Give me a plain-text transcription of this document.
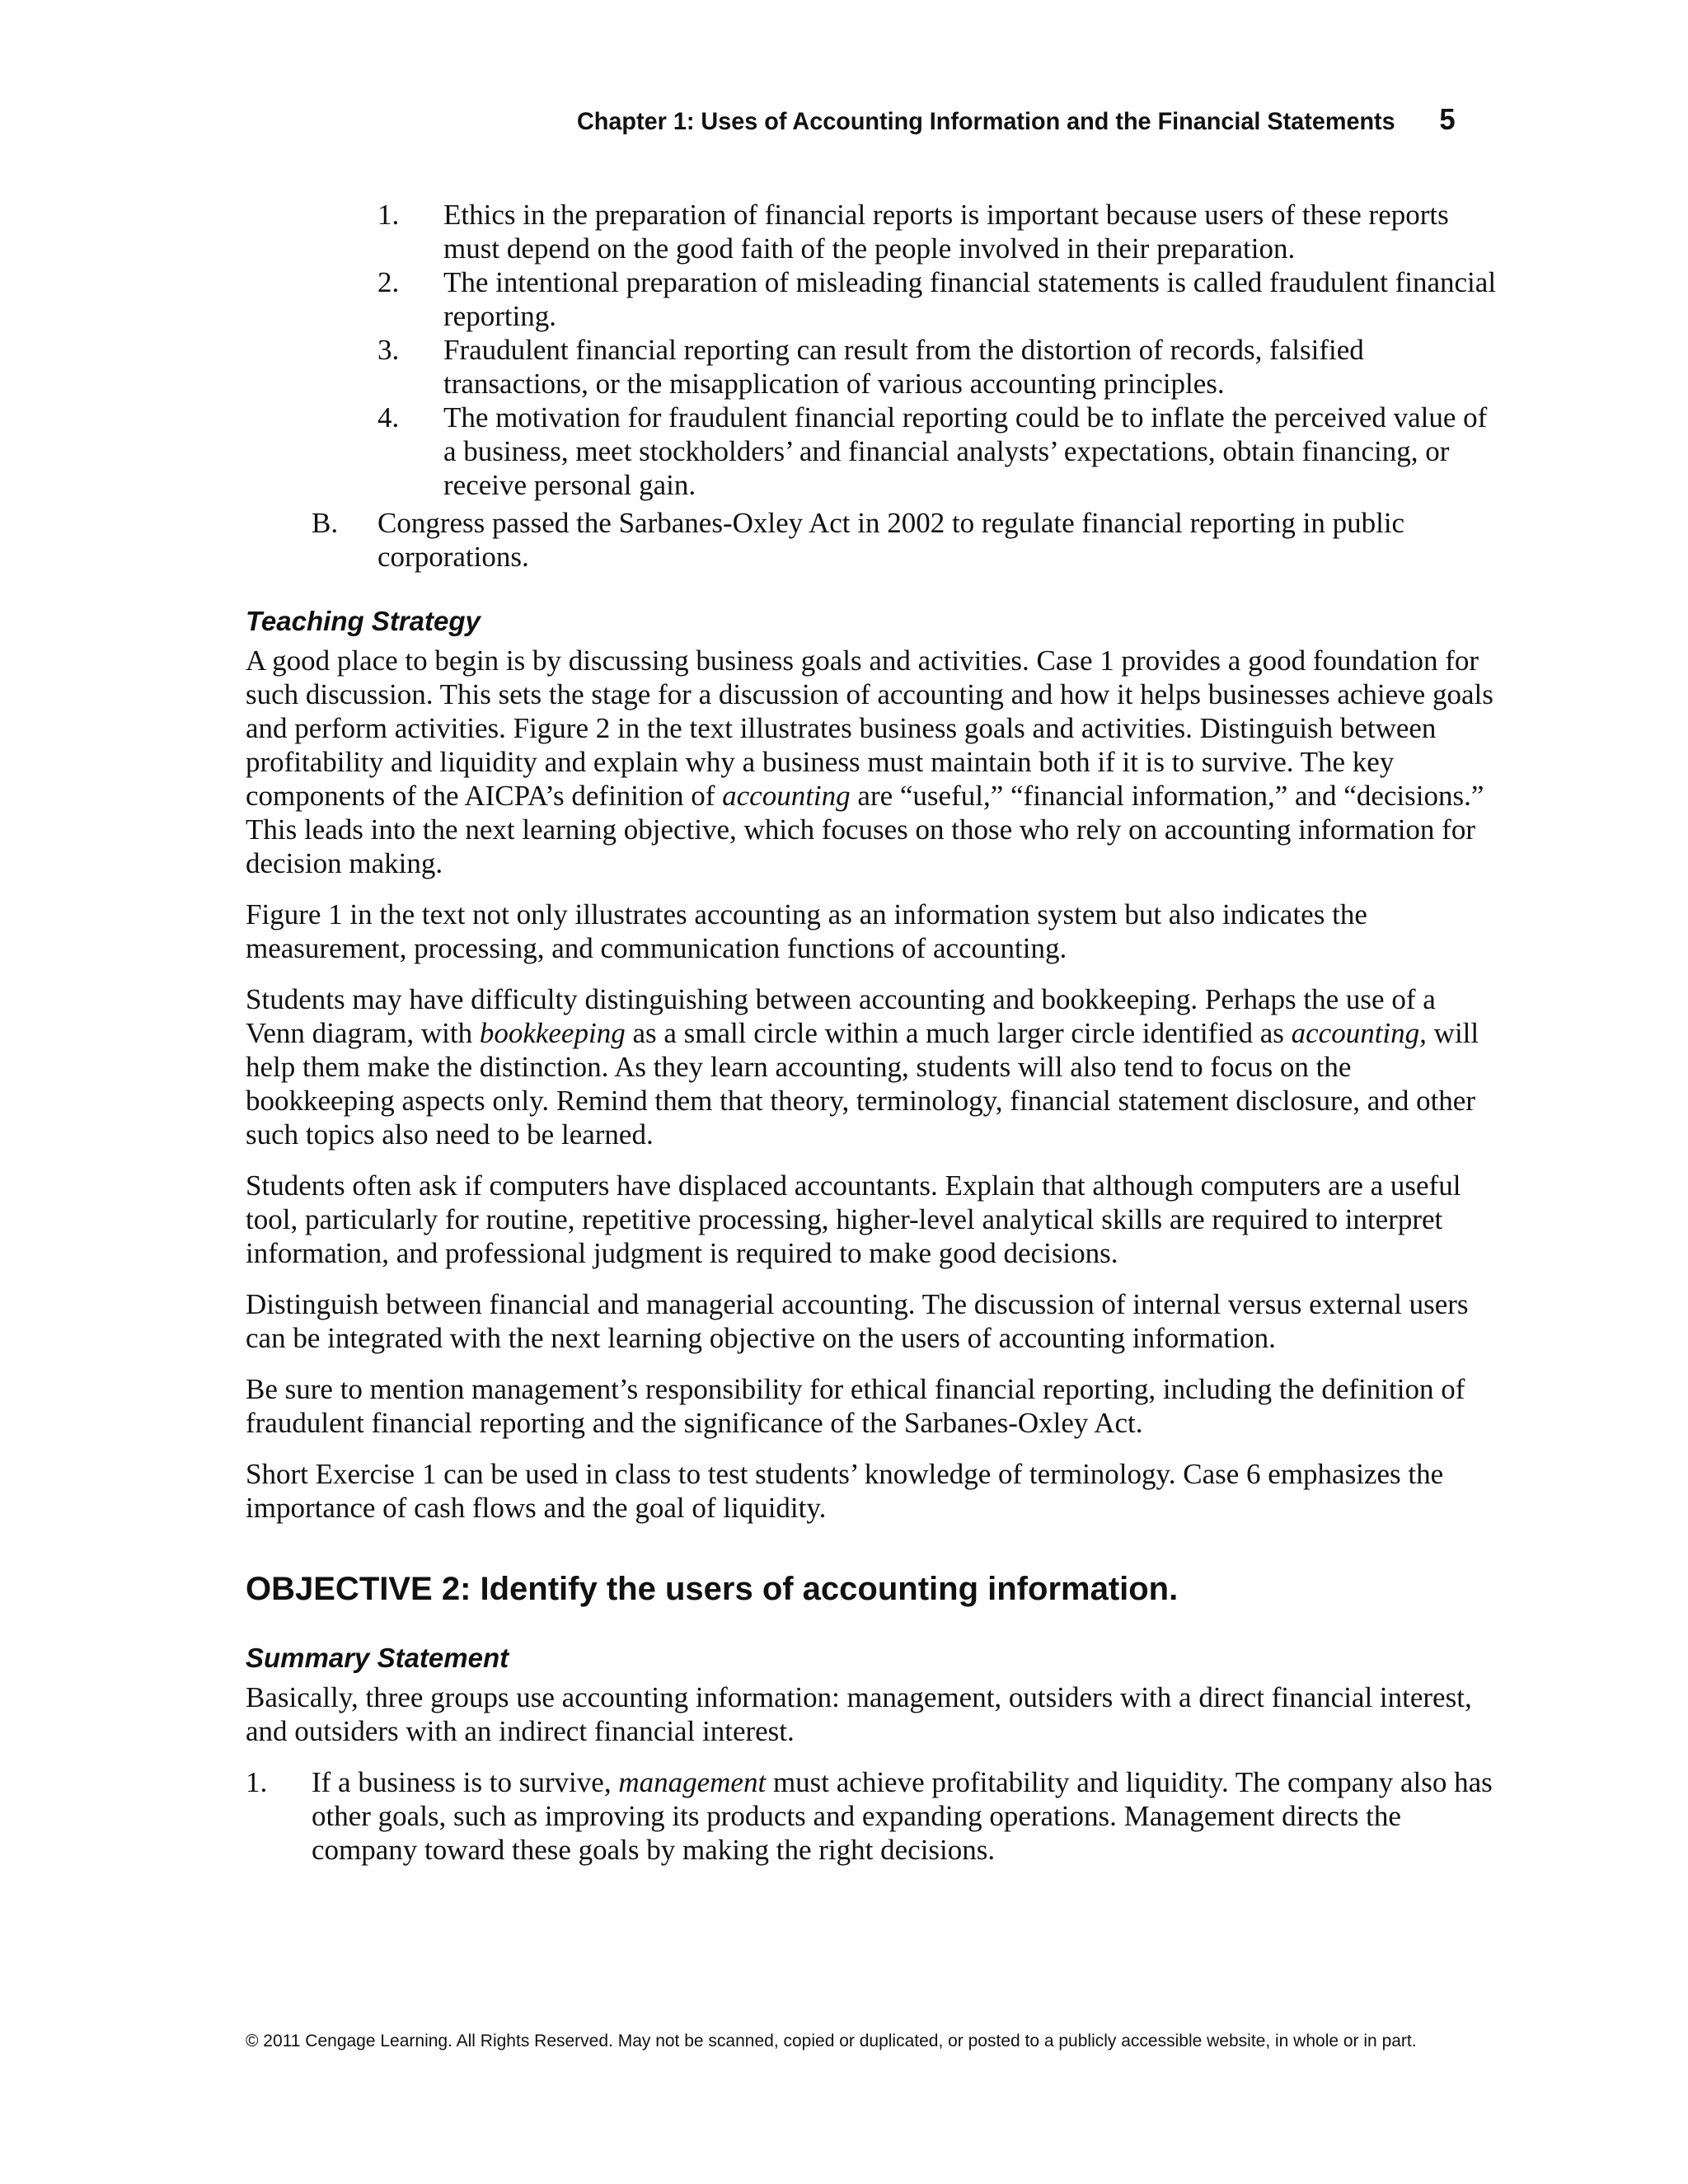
Chapter 1: Uses of Accounting Information and the Financial Statements 5
1. Ethics in the preparation of financial reports is important because users of these reports must depend on the good faith of the people involved in their preparation.
2. The intentional preparation of misleading financial statements is called fraudulent financial reporting.
3. Fraudulent financial reporting can result from the distortion of records, falsified transactions, or the misapplication of various accounting principles.
4. The motivation for fraudulent financial reporting could be to inflate the perceived value of a business, meet stockholders’ and financial analysts’ expectations, obtain financing, or receive personal gain.
B. Congress passed the Sarbanes-Oxley Act in 2002 to regulate financial reporting in public corporations.
Teaching Strategy

A good place to begin is by discussing business goals and activities. Case 1 provides a good foundation for such discussion. This sets the stage for a discussion of accounting and how it helps businesses achieve goals and perform activities. Figure 2 in the text illustrates business goals and activities. Distinguish between profitability and liquidity and explain why a business must maintain both if it is to survive. The key components of the AICPA’s definition of accounting are “useful,” “financial information,” and “decisions.” This leads into the next learning objective, which focuses on those who rely on accounting information for decision making.

Figure 1 in the text not only illustrates accounting as an information system but also indicates the measurement, processing, and communication functions of accounting.

Students may have difficulty distinguishing between accounting and bookkeeping. Perhaps the use of a Venn diagram, with bookkeeping as a small circle within a much larger circle identified as accounting, will help them make the distinction. As they learn accounting, students will also tend to focus on the bookkeeping aspects only. Remind them that theory, terminology, financial statement disclosure, and other such topics also need to be learned.

Students often ask if computers have displaced accountants. Explain that although computers are a useful tool, particularly for routine, repetitive processing, higher-level analytical skills are required to interpret information, and professional judgment is required to make good decisions.

Distinguish between financial and managerial accounting. The discussion of internal versus external users can be integrated with the next learning objective on the users of accounting information.

Be sure to mention management’s responsibility for ethical financial reporting, including the definition of fraudulent financial reporting and the significance of the Sarbanes-Oxley Act.

Short Exercise 1 can be used in class to test students’ knowledge of terminology. Case 6 emphasizes the importance of cash flows and the goal of liquidity.

OBJECTIVE 2: Identify the users of accounting information.
Summary Statement

Basically, three groups use accounting information: management, outsiders with a direct financial interest, and outsiders with an indirect financial interest.

1. If a business is to survive, management must achieve profitability and liquidity. The company also has other goals, such as improving its products and expanding operations. Management directs the company toward these goals by making the right decisions.
© 2011 Cengage Learning. All Rights Reserved. May not be scanned, copied or duplicated, or posted to a publicly accessible website, in whole or in part.
